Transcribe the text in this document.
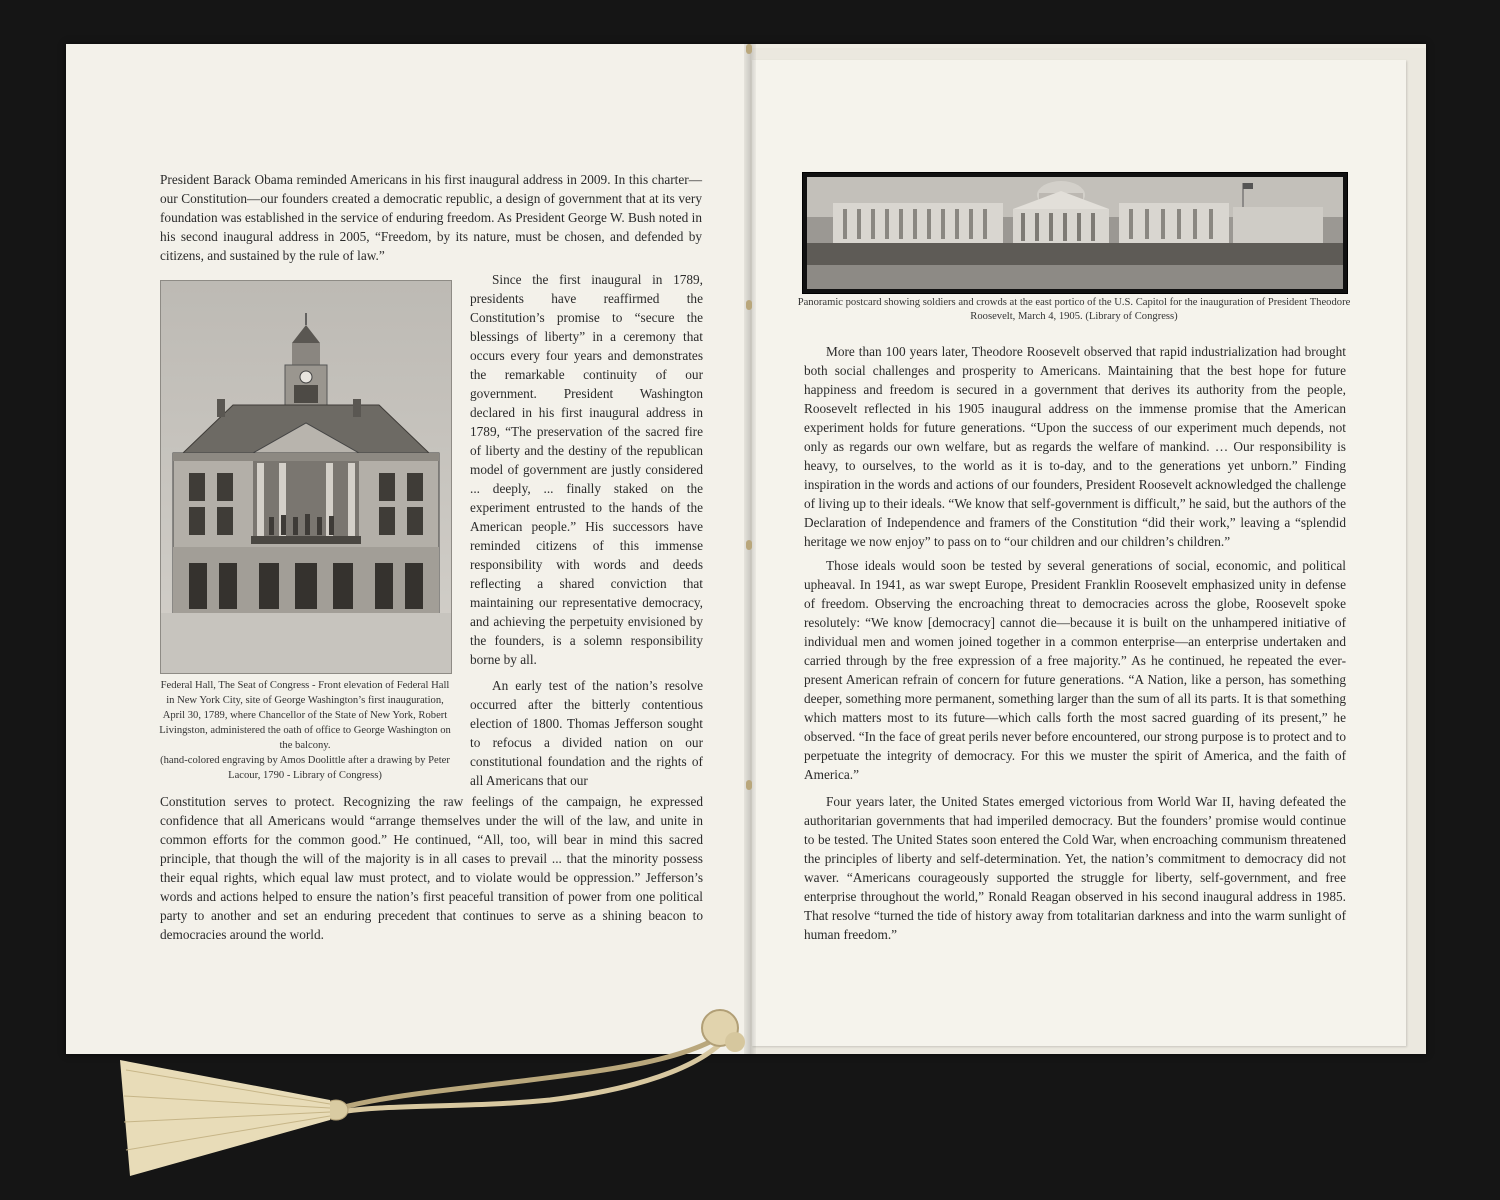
President Barack Obama reminded Americans in his first inaugural address in 2009. In this charter—our Constitution—our founders created a democratic republic, a design of government that at its very foundation was established in the service of enduring freedom. As President George W. Bush noted in his second inaugural address in 2005, “Freedom, by its nature, must be chosen, and defended by citizens, and sustained by the rule of law.”

Since the first inaugural in 1789, presidents have reaffirmed the Constitution’s promise to “secure the blessings of liberty” in a ceremony that occurs every four years and demonstrates the remarkable continuity of our government. President Washington declared in his first inaugural address in 1789, “The preservation of the sacred fire of liberty and the destiny of the republican model of government are justly considered ... deeply, ... finally staked on the experiment entrusted to the hands of the American people.” His successors have reminded citizens of this immense responsibility with words and deeds reflecting a shared conviction that maintaining our representative democracy, and achieving the perpetuity envisioned by the founders, is a solemn responsibility borne by all.

An early test of the nation’s resolve occurred after the bitterly contentious election of 1800. Thomas Jefferson sought to refocus a divided nation on our constitutional foundation and the rights of all Americans that our

Constitution serves to protect. Recognizing the raw feelings of the campaign, he expressed confidence that all Americans would “arrange themselves under the will of the law, and unite in common efforts for the common good.” He continued, “All, too, will bear in mind this sacred principle, that though the will of the majority is in all cases to prevail ... that the minority possess their equal rights, which equal law must protect, and to violate would be oppression.” Jefferson’s words and actions helped to ensure the nation’s first peaceful transition of power from one political party to another and set an enduring precedent that continues to serve as a shining beacon to democracies around the world.

Federal Hall, The Seat of Congress - Front elevation of Federal Hall in New York City, site of George Washington’s first inauguration, April 30, 1789, where Chancellor of the State of New York, Robert Livingston, administered the oath of office to George Washington on the balcony.
(hand-colored engraving by Amos Doolittle after a drawing by Peter Lacour, 1790 - Library of Congress)
Panoramic postcard showing soldiers and crowds at the east portico of the U.S. Capitol for the inauguration of President Theodore Roosevelt, March 4, 1905. (Library of Congress)

More than 100 years later, Theodore Roosevelt observed that rapid industrialization had brought both social challenges and prosperity to Americans. Maintaining that the best hope for future happiness and freedom is secured in a government that derives its authority from the people, Roosevelt reflected in his 1905 inaugural address on the immense promise that the American experiment holds for future generations. “Upon the success of our experiment much depends, not only as regards our own welfare, but as regards the welfare of mankind. … Our responsibility is heavy, to ourselves, to the world as it is to-day, and to the generations yet unborn.” Finding inspiration in the words and actions of our founders, President Roosevelt acknowledged the challenge of living up to their ideals. “We know that self-government is difficult,” he said, but the authors of the Declaration of Independence and framers of the Constitution “did their work,” leaving a “splendid heritage we now enjoy” to pass on to “our children and our children’s children.”

Those ideals would soon be tested by several generations of social, economic, and political upheaval. In 1941, as war swept Europe, President Franklin Roosevelt emphasized unity in defense of freedom. Observing the encroaching threat to democracies across the globe, Roosevelt spoke resolutely: “We know [democracy] cannot die—because it is built on the unhampered initiative of individual men and women joined together in a common enterprise—an enterprise undertaken and carried through by the free expression of a free majority.” As he continued, he repeated the ever-present American refrain of concern for future generations. “A Nation, like a person, has something deeper, something more permanent, something larger than the sum of all its parts. It is that something which matters most to its future—which calls forth the most sacred guarding of its present,” he observed. “In the face of great perils never before encountered, our strong purpose is to protect and to perpetuate the integrity of democracy. For this we muster the spirit of America, and the faith of America.”

Four years later, the United States emerged victorious from World War II, having defeated the authoritarian governments that had imperiled democracy. But the founders’ promise would continue to be tested. The United States soon entered the Cold War, when encroaching communism threatened the principles of liberty and self-determination. Yet, the nation’s commitment to democracy did not waver. “Americans courageously supported the struggle for liberty, self-government, and free enterprise throughout the world,” Ronald Reagan observed in his second inaugural address in 1985. That resolve “turned the tide of history away from totalitarian darkness and into the warm sunlight of human freedom.”
